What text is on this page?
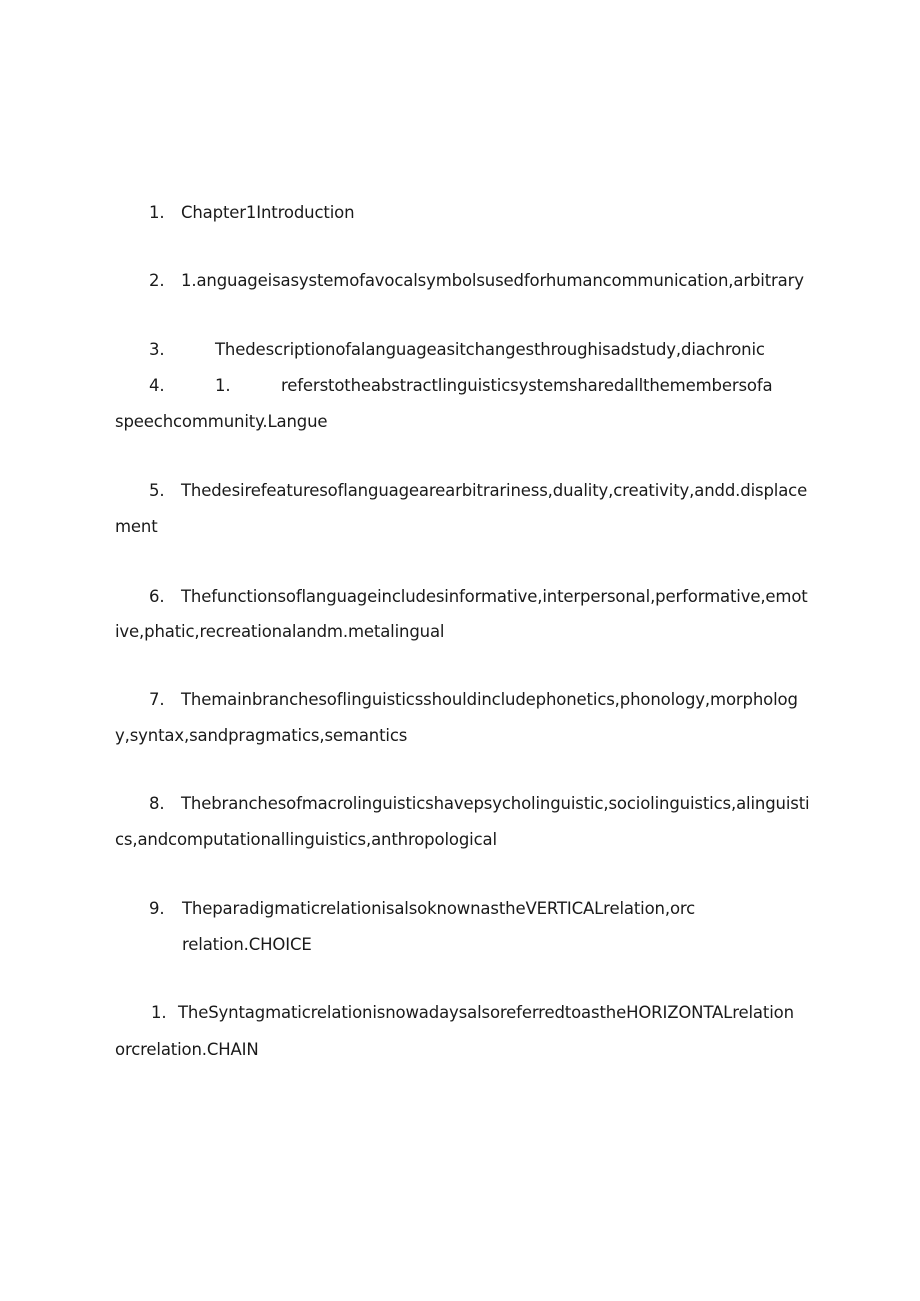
1. Chapter1Introduction
2. 1.anguageisasystemofavocalsymbolsusedforhumancommunication,arbitrary
3.	Thedescriptionofalanguageasitchangesthroughisadstudy,diachronic
4.	1.	referstotheabstractlinguisticsystemsharedallthemembersofa
speechcommunity.Langue
5. Thedesirefeaturesoflanguagearearbitrariness,duality,creativity,andd.displace
ment
6. Thefunctionsoflanguageincludesinformative,interpersonal,performative,emot
ive,phatic,recreationalandm.metalingual
7. Themainbranchesoflinguisticsshouldincludephonetics,phonology,morpholog
y,syntax,sandpragmatics,semantics
8. Thebranchesofmacrolinguisticshavepsycholinguistic,sociolinguistics,alinguisti
cs,andcomputationallinguistics,anthropological
9. TheparadigmaticrelationisalsoknownastheVERTICALrelation,orc
relation.CHOICE
1. TheSyntagmaticrelationisnowadaysalsoreferredtoastheHORIZONTALrelation
orcrelation.CHAIN
